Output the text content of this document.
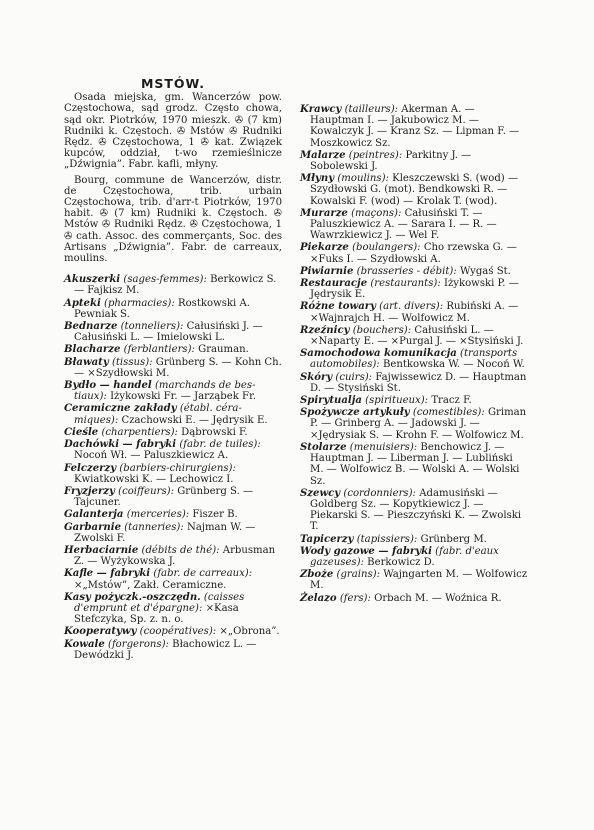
MSTÓW.

Osada miejska, gm. Wancerzów pow. Częstochowa, sąd grodz. Często chowa, sąd okr. Piotrków, 1970 mieszk. ✇ (7 km) Rudniki k. Częstoch. ✇ Mstów ✇ Rudniki Rędz. ✇ Częstochowa, 1 ✇ kat. Związek kupców, oddział, t-wo rzemieślnicze „Dźwignia”. Fabr. kafli, młyny.

Bourg, commune de Wancerzów, distr. de Częstochowa, trib. urbain Częstochowa, trib. d'arr-t Piotrków, 1970 habit. ✇ (7 km) Rudniki k. Częstoch. ✇ Mstów ✇ Rudniki Rędz. ✇ Częstochowa, 1 ✇ cath. Assoc. des commerçants, Soc. des Artisans „Dźwignia”. Fabr. de carreaux, moulins.

Akuszerki (sages-femmes): Berkowicz S. — Fajkisz M.
Apteki (pharmacies): Rostkowski A. Pewniak S.
Bednarze (tonneliers): Całusiński J. — Całusiński L. — Imielowski L.
Blacharze (ferblantiers): Grauman.
Bławaty (tissus): Grünberg S. — Kohn Ch. — ×Szydłowski M.
Bydło — handel (marchands de bestiaux): Iżykowski Fr. — Jarząbek Fr.
Ceramiczne zakłady (établ. céramiques): Czachowski E. — Jędrysik E.
Cieśle (charpentiers): Dąbrowski F.
Dachówki — fabryki (fabr. de tuiles): Nocoń Wł. — Paluszkiewicz A.
Felczerzy (barbiers-chirurgiens): Kwiatkowski K. — Lechowicz I.
Fryzjerzy (coiffeurs): Grünberg S. — Tajcuner.
Galanterja (merceries): Fiszer B.
Garbarnie (tanneries): Najman W. — Zwolski F.
Herbaciarnie (débits de thé): Arbusman Z. — Wyżykowska J.
Kafle — fabryki (fabr. de carreaux): ×„Mstów”, Zakł. Ceramiczne.
Kasy pożyczk.-oszczędn. (caisses d'emprunt et d'épargne): ×Kasa Stefczyka, Sp. z. n. o.
Kooperatywy (coopératives): ×„Obrona”.
Kowale (forgerons): Błachowicz L. — Dewódzki J.
Krawcy (tailleurs): Akerman A. — Hauptman I. — Jakubowicz M. — Kowalczyk J. — Kranz Sz. — Lipman F. — Moszkowicz Sz.
Malarze (peintres): Parkitny J. — Sobolewski J.
Młyny (moulins): Kleszczewski S. (wod) — Szydłowski G. (mot). Bendkowski R. — Kowalski F. (wod) — Krolak T. (wod).
Murarze (maçons): Całusiński T. — Paluszkiewicz A. — Sarara I. — R. — Wawrzkiewicz J. — Wel F.
Piekarze (boulangers): Cho rzewska G. — ×Fuks I. — Szydłowski A.
Piwiarnie (brasseries - débit): Wygaś St.
Restauracje (restaurants): Iżykowski P. — Jędrysik E.
Różne towary (art. divers): Rubiński A. — ×Wajnrajch H. — Wolfowicz M.
Rzeźnicy (bouchers): Całusiński L. — ×Naparty E. — ×Purgal J. — ×Stysiński J.
Samochodowa komunikacja (transports automobiles): Bentkowska W. — Nocoń W.
Skóry (cuirs): Fajwissewicz D. — Hauptman D. — Stysiński St.
Spirytualja (spiritueux): Tracz F.
Spożywcze artykuły (comestibles): Griman P. — Grinberg A. — Jadowski J. — ×Jędrysiak S. — Krohn F. — Wolfowicz M.
Stolarze (menuisiers): Benchowicz J. — Hauptman J. — Liberman J. — Lubliński M. — Wolfowicz B. — Wolski A. — Wolski Sz.
Szewcy (cordonniers): Adamusiński — Goldberg Sz. — Kopytkiewicz J. — Piekarski S. — Pieszczyński K. — Zwolski T.
Tapicerzy (tapissiers): Grünberg M.
Wody gazowe — fabryki (fabr. d'eaux gazeuses): Berkowicz D.
Zboże (grains): Wajngarten M. — Wolfowicz M.
Żelazo (fers): Orbach M. — Woźnica R.
